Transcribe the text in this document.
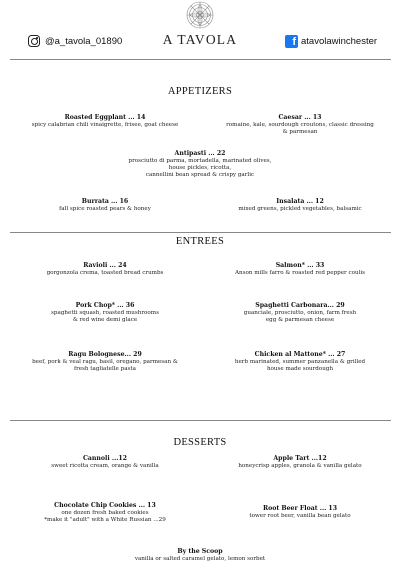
@a_tavola_01890	A TAVOLA	f atavolawinchester
APPETIZERS
Roasted Eggplant ... 14
spicy calabrian chili vinaigrette, frisee, goat cheese
Caesar ... 13
romaine, kale, sourdough croutons, classic dressing
& parmesan
Antipasti ... 22
prosciutto di parma, mortadella, marinated olives,
house pickles, ricotta,
cannellini bean spread & crispy garlic
Burrata ... 16
fall spice roasted pears & honey
Insalata ... 12
mixed greens, pickled vegetables, balsamic
ENTREES
Ravioli ... 24
gorgonzola crema, toasted bread crumbs
Salmon* ... 33
Anson mills farro & roasted red pepper coulis
Pork Chop* ... 36
spaghetti squash, roasted mushrooms
& red wine demi glace
Spaghetti Carbonara... 29
guanciale, prosciutto, onion, farm fresh
egg & parmesan cheese
Ragu Bolognese... 29
beef, pork & veal ragu, basil, oregano, parmesan &
fresh tagliatelle pasta
Chicken al Mattone* ... 27
herb marinated, summer panzanella & grilled
house made sourdough
DESSERTS
Cannoli ...12
sweet ricotta cream, orange & vanilla
Apple Tart ...12
honeycrisp apples, granola & vanilla gelato
Chocolate Chip Cookies ... 13
one dozen fresh baked cookies
*make it "adult" with a White Russian ...29
Root Beer Float ... 13
tower root beer, vanilla bean gelato
By the Scoop
vanilla or salted caramel gelato, lemon sorbet
